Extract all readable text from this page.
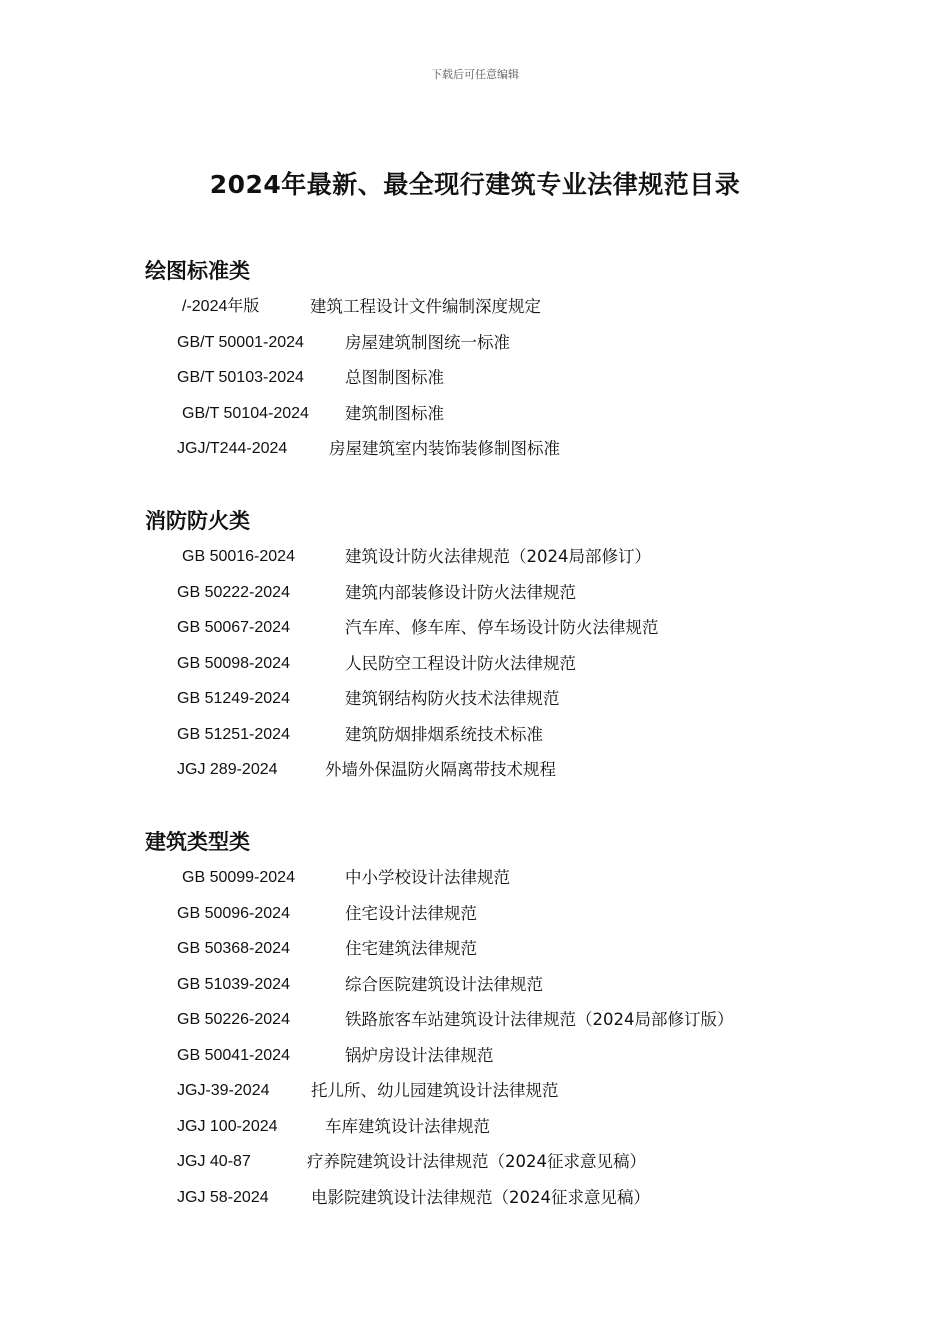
下载后可任意编辑
2024年最新、最全现行建筑专业法律规范目录
绘图标准类
/-2024年版	建筑工程设计文件编制深度规定
GB/T 50001-2024 房屋建筑制图统一标准
GB/T 50103-2024 总图制图标准
GB/T 50104-2024 建筑制图标准
JGJ/T244-2024	房屋建筑室内装饰装修制图标准
消防防火类
GB 50016-2024	建筑设计防火法律规范（2024局部修订）
GB 50222-2024	建筑内部装修设计防火法律规范
GB 50067-2024	汽车库、修车库、停车场设计防火法律规范
GB 50098-2024	人民防空工程设计防火法律规范
GB 51249-2024	建筑钢结构防火技术法律规范
GB 51251-2024	建筑防烟排烟系统技术标准
JGJ 289-2024	外墙外保温防火隔离带技术规程
建筑类型类
GB 50099-2024	中小学校设计法律规范
GB 50096-2024	住宅设计法律规范
GB 50368-2024	住宅建筑法律规范
GB 51039-2024	综合医院建筑设计法律规范
GB 50226-2024	铁路旅客车站建筑设计法律规范（2024局部修订版）
GB 50041-2024	锅炉房设计法律规范
JGJ-39-2024	托儿所、幼儿园建筑设计法律规范
JGJ 100-2024	车库建筑设计法律规范
JGJ 40-87	疗养院建筑设计法律规范（2024征求意见稿）
JGJ 58-2024	电影院建筑设计法律规范（2024征求意见稿）
